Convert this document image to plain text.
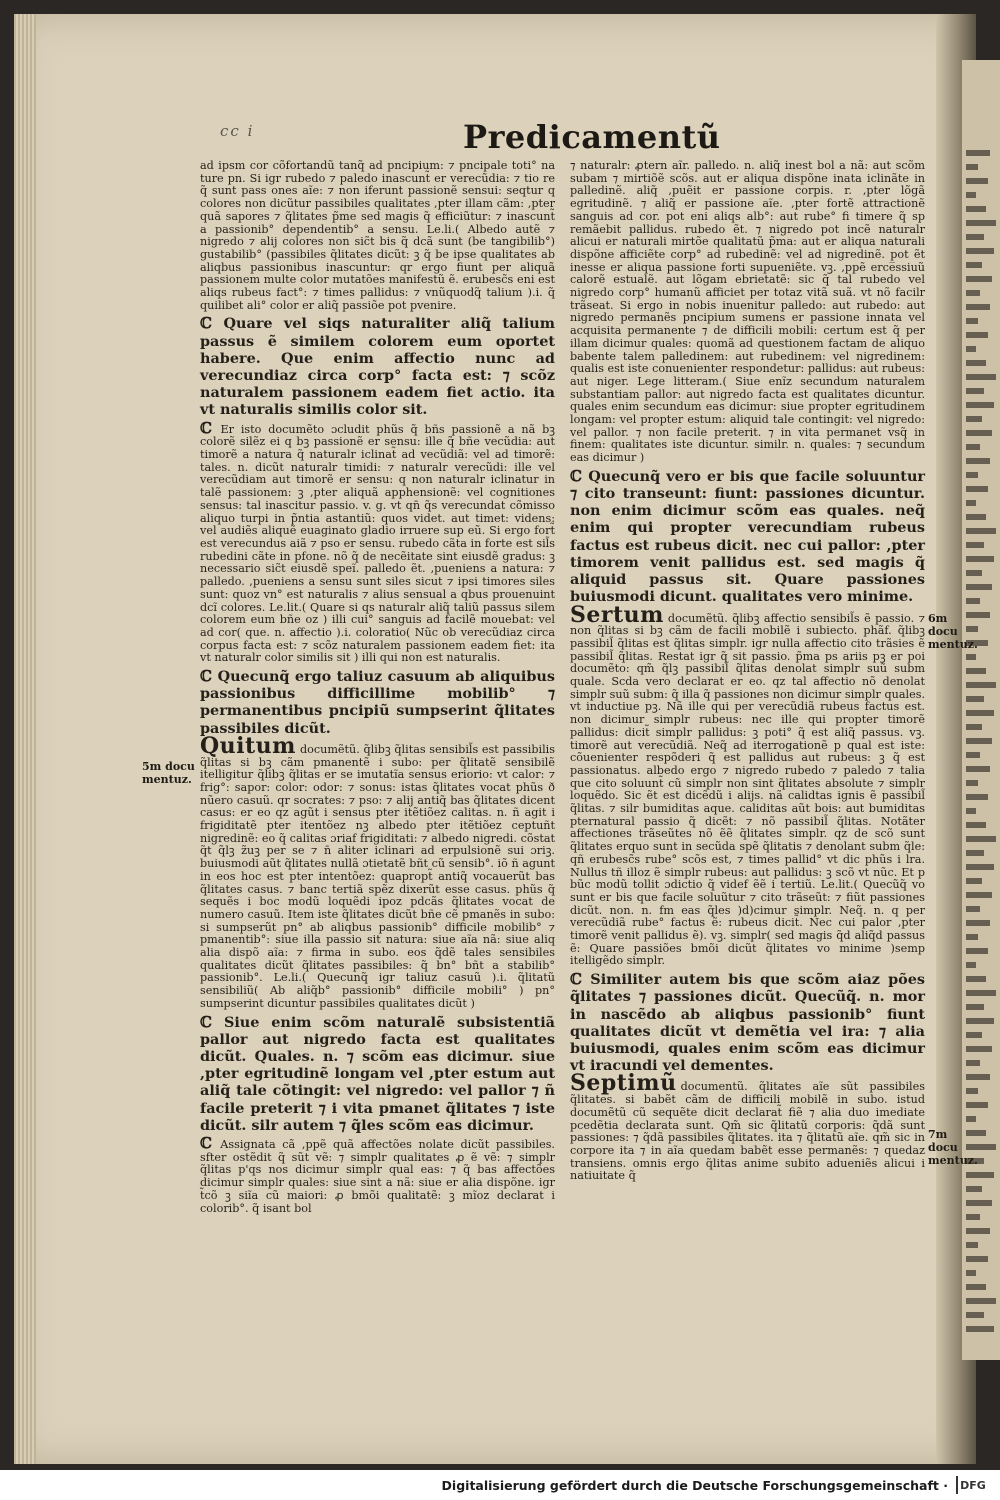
cc i	Predicamentũ

ad ipsm cor cõfortandũ tanq̃ ad pncipium: ⁊ pncipale toti° na ture pn. Si igr rubedo ⁊ paledo inascunt̃ er verecũdia: ⁊ tio re q̃ sunt pass ones aĩe: ⁊ non iferunt passionẽ sensui: seqtur q colores non dicũtur passibiles qualitates ,pter illam cãm: ,pter quã sapores ⁊ q̃litates p̃me sed magis q̃ efficiũtur: ⁊ inascunt̃ a passionib° dependentib° a sensu. Le.li.( Albedo autẽ ⁊ nigredo ⁊ alij colores non sic̃t bis q̃ dcã sunt (be tangibilib°) gustabilib° (passibiles q̃litates dicũt: ꝫ q̃ be ipse qualitates ab aliqbus passionibus inascuntur: qr ergo fiunt per aliquã passionem multe color mutatões manifestũ ẽ. erubesc̃s eni est aliqs rubeus fact°: ⁊ times pallidus: ⁊ vnũquodq̃ talium ).i. q̃ quilibet ali° color er aliq̃ passiõe pot pvenire.

ℂ Quare vel siqs naturaliter aliq̃ talium passus ẽ similem colorem eum oportet habere. Que enim affectio nunc ad verecundiaz circa corp° facta est: ⁊ scõz naturalem passionem eadem fiet actio. ita vt naturalis similis color sit.

ℂ Er isto documẽto ɔcludit phũs q̃ bñs passionẽ a nã bꝫ colorẽ silẽz ei q bꝫ passionẽ er sensu: ille q̃ bñe vecũdia: aut timorẽ a natura q̃ naturalr iclinat̃ ad vecũdiã: vel ad timorẽ: tales. n. dicũt naturalr timidi: ⁊ naturalr verecũdi: ille vel verecũdiam aut timorẽ er sensu: q non naturalr iclinatur in talẽ passionem: ꝫ ,pter aliquã apphensionẽ: vel cognitiones sensus: tal inascitur passio. v. g. vt qn̄ q̃s verecundat cõmisso aliquo turpi in p̃ntia astantiũ: quos videt. aut timet: videns: vel audiẽs aliquẽ euaginato gladio irruere sup eũ. Si ergo fort̃ est verecundus aiã ⁊ pso er sensu. rubedo cãta in forte est sil̃s rubedini cãte in pfone. nõ q̃ de necẽitate sint eiusdẽ gradus: ꝫ necessario sic̃t eiusdẽ speĩ. palledo ẽt. ,pueniens a natura: ⁊ palledo. ,pueniens a sensu sunt siles sicut ⁊ ipsi timores siles sunt: quoz vn° est naturalis ⁊ alius sensual a qbus prouenuint dcĩ colores. Le.lit.( Quare si qs naturalr aliq̃ taliũ passus silem colorem eum bñe oz ) illi cui° sanguis ad facilẽ mouebat: vel ad cor( que. n. affectio ).i. coloratio( Nũc ob verecũdiaz circa corpus facta est: ⁊ scõz naturalem passionem eadem fiet: ita vt naturalr color similis sit ) illi qui non est naturalis.

ℂ Quecunq̃ ergo taliuz casuum ab aliquibus passionibus difficillime mobilib° ⁊ permanentibus pncipiũ sumpserint q̃litates passibiles dicũt.

Quitum documẽtũ. q̃libꝫ q̃litas sensibil̃s est passibilis q̃litas si bꝫ cãm pmanentẽ i subo: per q̃litatẽ sensibilẽ itelligitur q̃libꝫ q̃litas er se imutatĩa sensus eriorio: vt calor: ⁊ frig°: sapor: color: odor: ⁊ sonus: istas q̃litates vocat phũs ð nũero casuũ. qr socrates: ⁊ pso: ⁊ alij antiq̃ bas q̃litates dicent casus: er eo qz agũt i sensus pter itẽtiõez calitas. n. ñ agit i frigiditatẽ pter itentõez nꝫ albedo pter itẽtiõez ceptuñt nigredinẽ: eo q̃ calitas ɔriaf frigiditati: ⁊ albedo nigredi. cõstat q̃t q̃lꝫ z̃uꝫ per se ⁊ n̄ aliter iclinari ad erpulsionẽ sui ɔriꝫ. buiusmodi aũt q̃litates nullã ɔtietatẽ bñt cũ sensib°. iõ ñ agunt in eos hoc est pter intentõez: quapropt̃ antiq̃ vocauerũt bas q̃litates casus. ⁊ banc tertiã spẽz dixerũt esse casus. phũs q̃ sequẽs i boc modũ loquẽdi ipoz pdcãs q̃litates vocat de numero casuũ. Item iste q̃litates dicũt bñe cẽ pmanẽs in subo: si sumpserũt pn° ab aliqbus passionib° difficile mobilib° ⁊ pmanentib°: siue illa passio sit natura: siue aĩa nã: siue aliq alia dispõ aĩa: ⁊ firma in subo. eos q̃dẽ tales sensibiles qualitates dicũt q̃litates passibiles: q̃ bn° bñt a stabilib° passionib°. Le.li.( Quecunq̃ igr taliuz casuũ ).i. q̃litatũ sensibiliũ( Ab aliq̃b° passionib° difficile mobili° ) pn° sumpserint dicuntur passibiles qualitates dicũt )

ℂ Siue enim scõm naturalẽ subsistentiã pallor aut nigredo facta est qualitates dicũt. Quales. n. ⁊ scõm eas dicimur. siue ,pter egritudinẽ longam vel ,pter estum aut aliq̃ tale cõtingit: vel nigredo: vel pallor ⁊ ñ facile preterit ⁊ i vita pmanet q̃litates ⁊ iste dicũt. silr autem ⁊ q̃les scõm eas dicimur.

ℂ Assignata cã ,ppẽ quã affectões nolate dicũt passibiles. sfter ostẽdit q̃ sũt vẽ: ⁊ simplr qualitates ꝓ ẽ vẽ: ⁊ simplr q̃litas p'qs nos dicimur simplr qual eas: ⁊ q̃ bas affectões dicimur simplr quales: siue sint a nã: siue er alia dispõne. igr t̃cõ ꝫ siĩa cũ maiori: ꝓ bmõi qualitatẽ: ꝫ mĩoz declarat i colorib°. q̃ isant bol

⁊ naturalr: ꝓtern aĩr. palledo. n. aliq̃ inest bol a nã: aut scõm subam ⁊ mirtiõẽ scõs. aut er aliqua dispõne inata iclinãte in palledinẽ. aliq̃ ,puẽit er passione corpis. r. ,pter lõgã egritudinẽ. ⁊ aliq̃ er passione aĩe. ,pter fortẽ attractionẽ sanguis ad cor. pot eni aliqs alb°: aut rube° fi timere q̃ sp remãebit pallidus. rubedo ẽt. ⁊ nigredo pot incẽ naturalr alicui er naturali mirtõe qualitatũ p̃ma: aut er aliqua naturali dispõne afficiẽte corp° ad rubedinẽ: vel ad nigredinẽ. pot ẽt inesse er aliqua passione forti supueniẽte. vꝫ. ,ppẽ erce̅ssiuũ calorẽ estualẽ. aut lõgam ebrietatẽ: sic q̃ tal rubedo vel nigredo corp° humanũ afficiet per totaz vitã suã. vt nõ facilr trãseat. Si ergo in nobis inuenitur palledo: aut rubedo: aut nigredo permanẽs pncipium sumens er passione innata vel acquisita permanente ⁊ de difficili mobili: certum est q̃ per illam dicimur quales: quomã ad questionem factam de aliquo babente talem palledinem: aut rubedinem: vel nigredinem: qualis est iste conuenienter respondetur: pallidus: aut rubeus: aut niger. Lege litteram.( Siue enĩz secundum naturalem substantiam pallor: aut nigredo facta est qualitates dicuntur. quales enim secundum eas dicimur: siue propter egritudinem longam: vel propter estum: aliquid tale contingit: vel nigredo: vel pallor. ⁊ non facile preterit. ⁊ in vita permanet vsq̃ in finem: qualitates iste dicuntur. similr. n. quales: ⁊ secundum eas dicimur )

ℂ Quecunq̃ vero er bis que facile soluuntur ⁊ cito transeunt: fiunt: passiones dicuntur. non enim dicimur scõm eas quales. neq̃ enim qui propter verecundiam rubeus factus est rubeus dicit. nec cui pallor: ,pter timorem venit pallidus est. sed magis q̃ aliquid passus sit. Quare passiones buiusmodi dicunt. qualitates vero minime.

Sertum documẽtũ. q̃libꝫ affectio sensibil̃s ẽ passio. ⁊ non q̃litas si bꝫ cãm de facili mobilẽ i subiecto. phãf. q̃libꝫ passibil̃ q̃litas est q̃litas simplr. igr nulla affectio cito trãsies ẽ passibil̃ q̃litas. Restat igr q̃ sit passio. p̃ma ps ariis pꝫ er poi documẽto: qm̃ q̃lꝫ passibil̃ q̃litas denolat simplr suũ subm quale. Scda vero declarat er eo. qz tal affectio nõ denolat simplr suũ subm: q̃ illa q̃ passiones non dicimur simplr quales. vt inductiue pꝫ. Nã ille qui per verecũdiã rubeus factus est. non dicimur simplr rubeus: nec ille qui propter timorẽ pallidus: dicit̃ simplr pallidus: ꝫ poti° q̃ est aliq̃ passus. vꝫ. timorẽ aut verecũdiã. Neq̃ ad iterrogationẽ p qual est iste: cõuenienter respõderi q̃ est pallidus aut rubeus: ꝫ q̃ est passionatus. albedo ergo ⁊ nigredo rubedo ⁊ paledo ⁊ talia que cito soluunt̃ cũ simplr non sint q̃litates absolute ⁊ simplr loquẽdo. Sic ẽt est dicẽdũ i alijs. nã calidtas ignis ẽ passibil̃ q̃litas. ⁊ silr bumiditas aque. caliditas aũt bois: aut bumiditas pternatural passio q̃ dicẽt: ⁊ nõ passibil̃ q̃litas. Notãter affectiones trãseũtes nõ ẽẽ q̃litates simplr. qz de scõ sunt q̃litates erquo sunt in secũda spẽ q̃litatis ⁊ denolant subm q̃le: qñ erubesc̃s rube° scõs est, ⁊ times pallid° vt dic phũs i lra. Nullus tñ illoz ẽ simplr rubeus: aut pallidus: ꝫ scõ vt nũc. Et p bũc modũ tollit ɔdictio q̃ videf ẽẽ i tertiũ. Le.lit.( Quecũq̃ vo sunt er bis que facile soluũtur ⁊ cito trãseũt: ⁊ fiũt passiones dicũt. non. n. fm eas q̃les )d)cimur simplr. Neq̃. n. q per verecũdiã rube° factus ẽ: rubeus dicit̃. Nec cui palor ,pter timorẽ venit pallidus ẽ). vꝫ. simplr( sed magis q̃d aliq̃d passus ẽ: Quare passiões bmõi dicũt q̃litates vo minime )semp itelligẽdo simplr.

ℂ Similiter autem bis que scõm aiaz pões q̃litates ⁊ passiones dicũt. Quecũq̃. n. mor in nascẽdo ab aliqbus passionib° fiunt qualitates dicũt vt demẽtia vel ira: ⁊ alia buiusmodi, quales enim scõm eas dicimur vt iracundi vel dementes.

Septimũ documentũ. q̃litates aĩe sũt passibiles q̃litates. si babẽt cãm de difficili mobilẽ in subo. istud documẽtũ cũ sequẽte dicit declarat̃ fiẽ ⁊ alia duo imediate pcedẽtia declarata sunt. Qm̃ sic q̃litatũ corporis: q̃dã sunt passiones: ⁊ q̃dã passibiles q̃litates. ita ⁊ q̃litatũ aĩe. qm̃ sic in corpore ita ⁊ in aĩa quedam babẽt esse permanẽs: ⁊ quedaz transiens. omnis ergo q̃litas anime subito adueniẽs alicui i natiuitate q̃

5m docu mentuz.
6m docu mentuz.
7m docu mentuz.
Digitalisierung gefördert durch die Deutsche Forschungsgemeinschaft ·	DFG
